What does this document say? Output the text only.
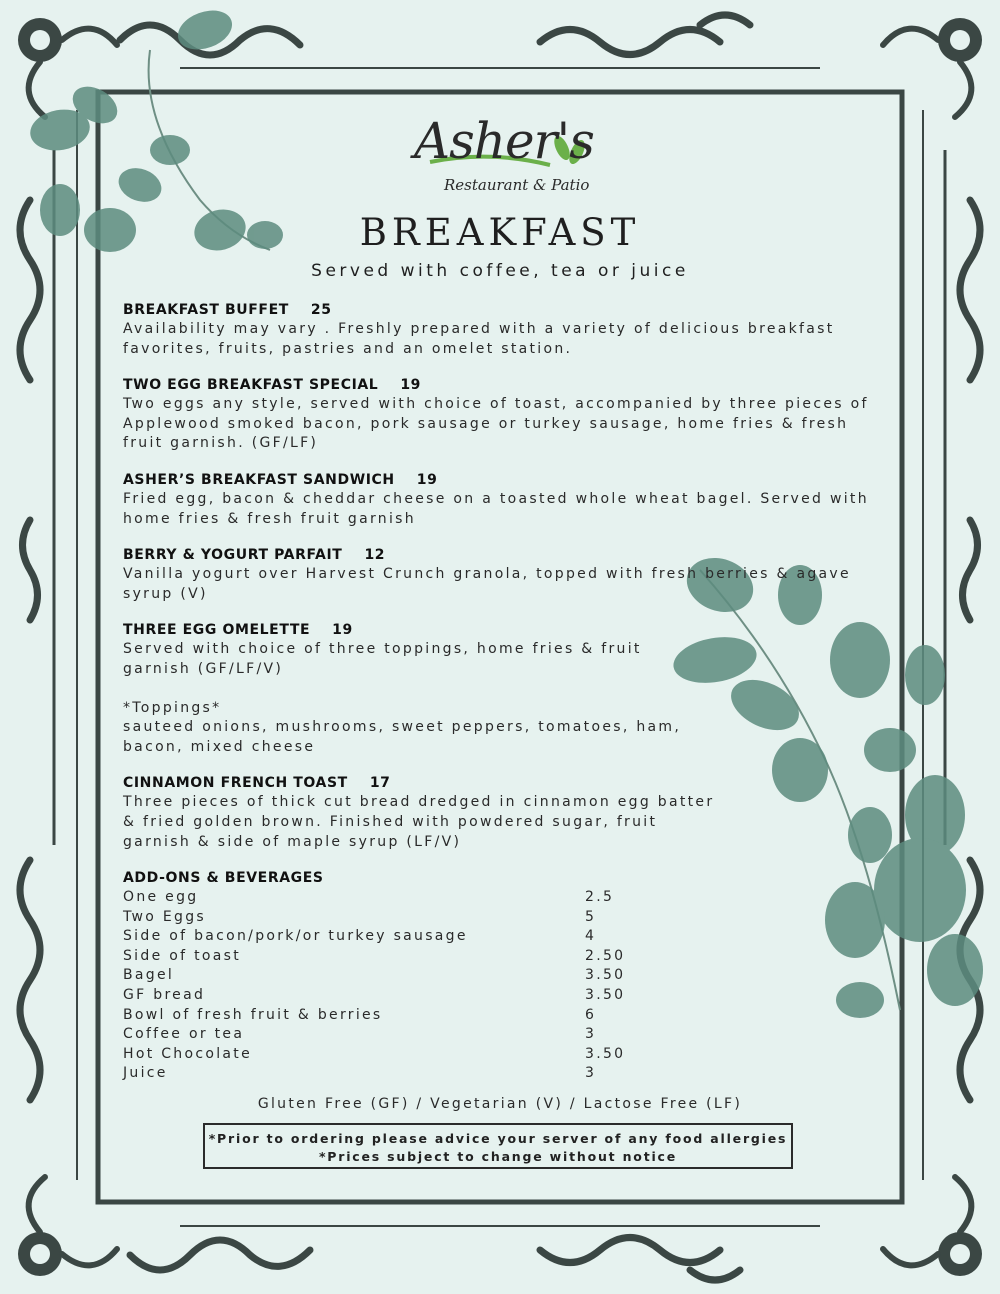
Asher's
Restaurant & Patio
BREAKFAST
Served with coffee, tea or juice
BREAKFAST BUFFET 25
Availability may vary . Freshly prepared with a variety of delicious breakfast favorites, fruits, pastries and an omelet station.
TWO EGG BREAKFAST SPECIAL 19
Two eggs any style, served with choice of toast, accompanied by three pieces of Applewood smoked bacon, pork sausage or turkey sausage, home fries & fresh fruit garnish. (GF/LF)
ASHER’S BREAKFAST SANDWICH 19
Fried egg, bacon & cheddar cheese on a toasted whole wheat bagel. Served with home fries & fresh fruit garnish
BERRY & YOGURT PARFAIT 12
Vanilla yogurt over Harvest Crunch granola, topped with fresh berries & agave syrup (V)
THREE EGG OMELETTE 19
Served with choice of three toppings, home fries & fruit garnish (GF/LF/V)
*Toppings*
sauteed onions, mushrooms, sweet peppers, tomatoes, ham, bacon, mixed cheese
CINNAMON FRENCH TOAST 17
Three pieces of thick cut bread dredged in cinnamon egg batter & fried golden brown. Finished with powdered sugar, fruit garnish & side of maple syrup (LF/V)
ADD-ONS & BEVERAGES
One egg	2.5
Two Eggs	5
Side of bacon/pork/or turkey sausage	4
Side of toast	2.50
Bagel	3.50
GF bread	3.50
Bowl of fresh fruit & berries	6
Coffee or tea	3
Hot Chocolate	3.50
Juice	3
Gluten Free (GF) / Vegetarian (V) / Lactose Free (LF)
*Prior to ordering please advice your server of any food allergies
*Prices subject to change without notice
